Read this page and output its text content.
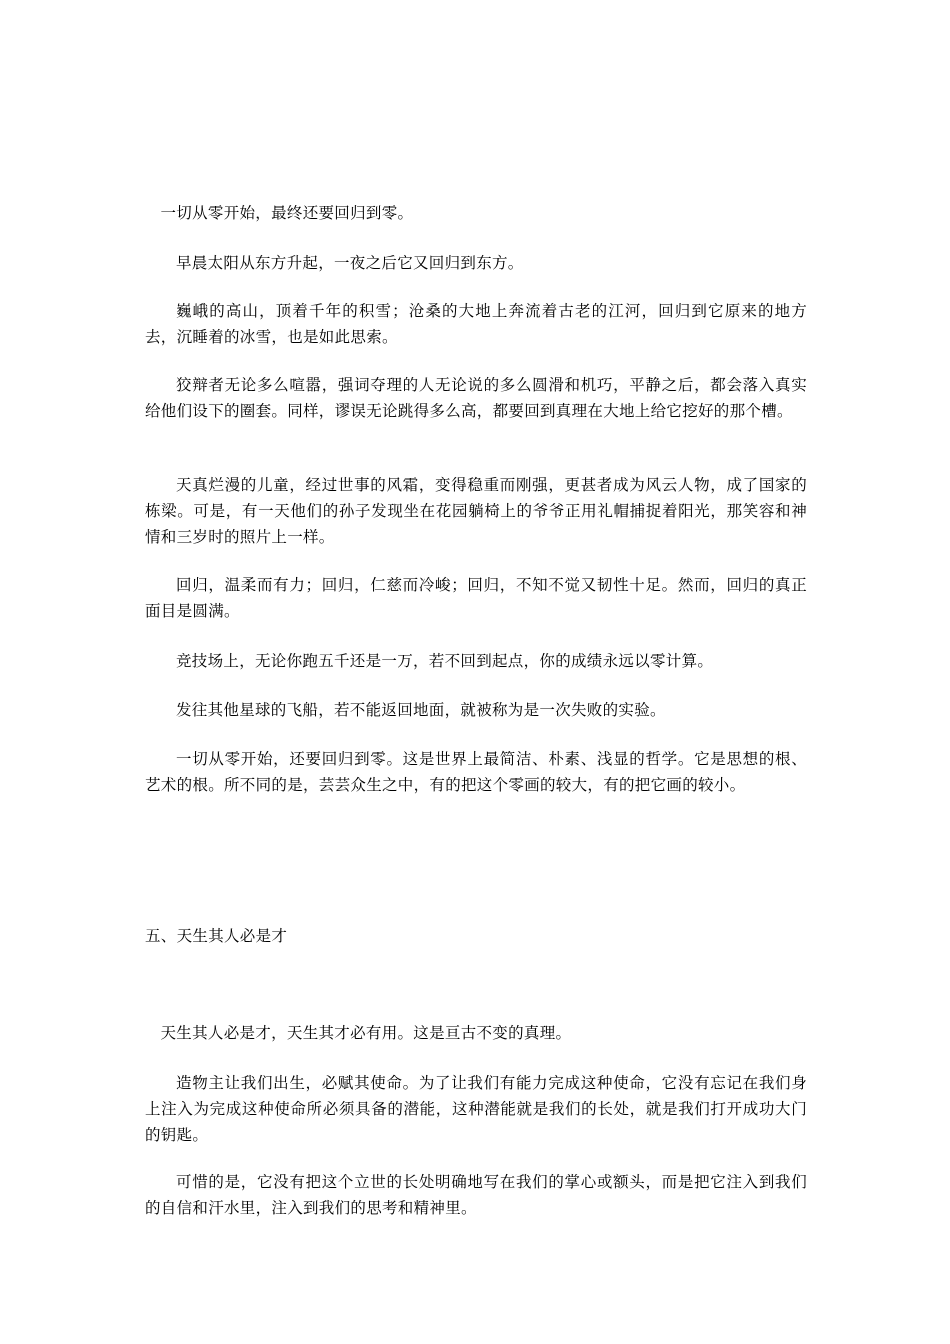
一切从零开始，最终还要回归到零。

早晨太阳从东方升起，一夜之后它又回归到东方。

巍峨的高山，顶着千年的积雪；沧桑的大地上奔流着古老的江河，回归到它原来的地方去，沉睡着的冰雪，也是如此思索。

狡辩者无论多么喧嚣，强词夺理的人无论说的多么圆滑和机巧，平静之后，都会落入真实给他们设下的圈套。同样，谬误无论跳得多么高，都要回到真理在大地上给它挖好的那个槽。

天真烂漫的儿童，经过世事的风霜，变得稳重而刚强，更甚者成为风云人物，成了国家的栋梁。可是，有一天他们的孙子发现坐在花园躺椅上的爷爷正用礼帽捕捉着阳光，那笑容和神情和三岁时的照片上一样。

回归，温柔而有力；回归，仁慈而冷峻；回归，不知不觉又韧性十足。然而，回归的真正面目是圆满。

竞技场上，无论你跑五千还是一万，若不回到起点，你的成绩永远以零计算。

发往其他星球的飞船，若不能返回地面，就被称为是一次失败的实验。

一切从零开始，还要回归到零。这是世界上最简洁、朴素、浅显的哲学。它是思想的根、艺术的根。所不同的是，芸芸众生之中，有的把这个零画的较大，有的把它画的较小。

五、天生其人必是才

天生其人必是才，天生其才必有用。这是亘古不变的真理。

造物主让我们出生，必赋其使命。为了让我们有能力完成这种使命，它没有忘记在我们身上注入为完成这种使命所必须具备的潜能，这种潜能就是我们的长处，就是我们打开成功大门的钥匙。

可惜的是，它没有把这个立世的长处明确地写在我们的掌心或额头，而是把它注入到我们的自信和汗水里，注入到我们的思考和精神里。
